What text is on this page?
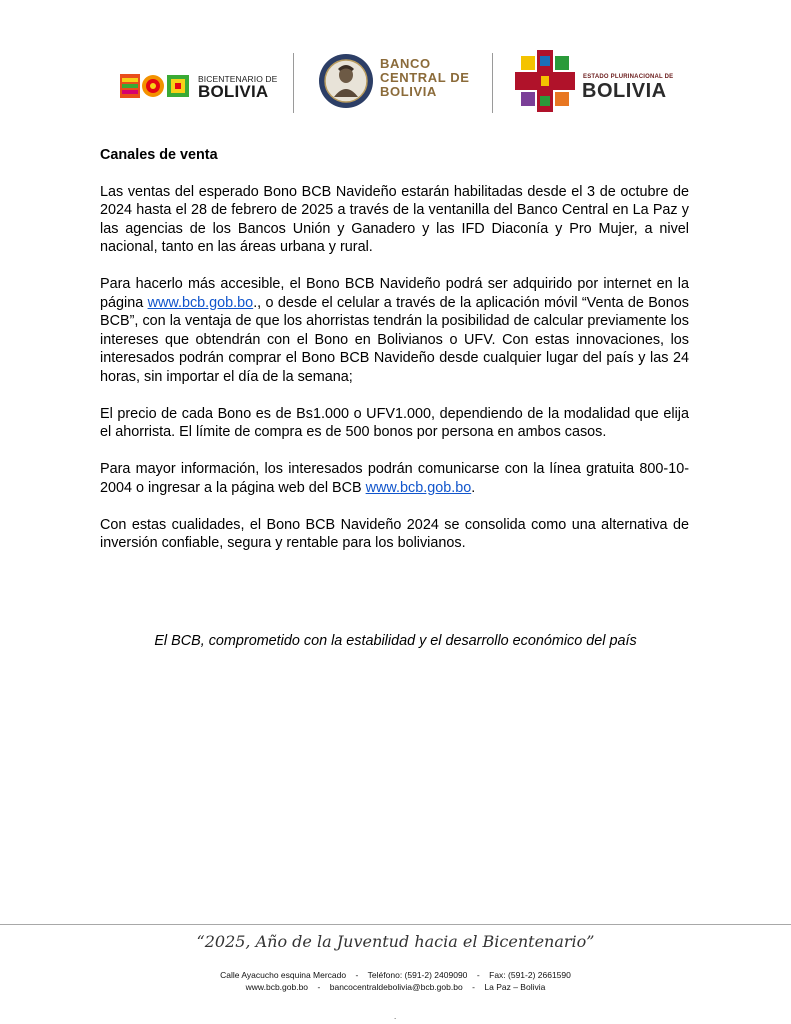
BICENTENARIO DE
BOLIVIA
BANCO
CENTRAL DE
BOLIVIA
ESTADO PLURINACIONAL DE
BOLIVIA
Canales de venta

Las ventas del esperado Bono BCB Navideño estarán habilitadas desde el 3 de octubre de 2024 hasta el 28 de febrero de 2025 a través de la ventanilla del Banco Central en La Paz y las agencias de los Bancos Unión y Ganadero y las IFD Diaconía y Pro Mujer, a nivel nacional, tanto en las áreas urbana y rural.

Para hacerlo más accesible, el Bono BCB Navideño podrá ser adquirido por internet en la página www.bcb.gob.bo., o desde el celular a través de la aplicación móvil “Venta de Bonos BCB”, con la ventaja de que los ahorristas tendrán la posibilidad de calcular previamente los intereses que obtendrán con el Bono en Bolivianos o UFV. Con estas innovaciones, los interesados podrán comprar el Bono BCB Navideño desde cualquier lugar del país y las 24 horas, sin importar el día de la semana;

El precio de cada Bono es de Bs1.000 o UFV1.000, dependiendo de la modalidad que elija el ahorrista. El límite de compra es de 500 bonos por persona en ambos casos.

Para mayor información, los interesados podrán comunicarse con la línea gratuita 800-10-2004 o ingresar a la página web del BCB www.bcb.gob.bo.

Con estas cualidades, el Bono BCB Navideño 2024 se consolida como una alternativa de inversión confiable, segura y rentable para los bolivianos.

El BCB, comprometido con la estabilidad y el desarrollo económico del país
“2025, Año de la Juventud hacia el Bicentenario”
Calle Ayacucho esquina Mercado    -    Teléfono: (591-2) 2409090    -    Fax: (591-2) 2661590
www.bcb.gob.bo    -    bancocentraldebolivia@bcb.gob.bo    -    La Paz – Bolivia
.
